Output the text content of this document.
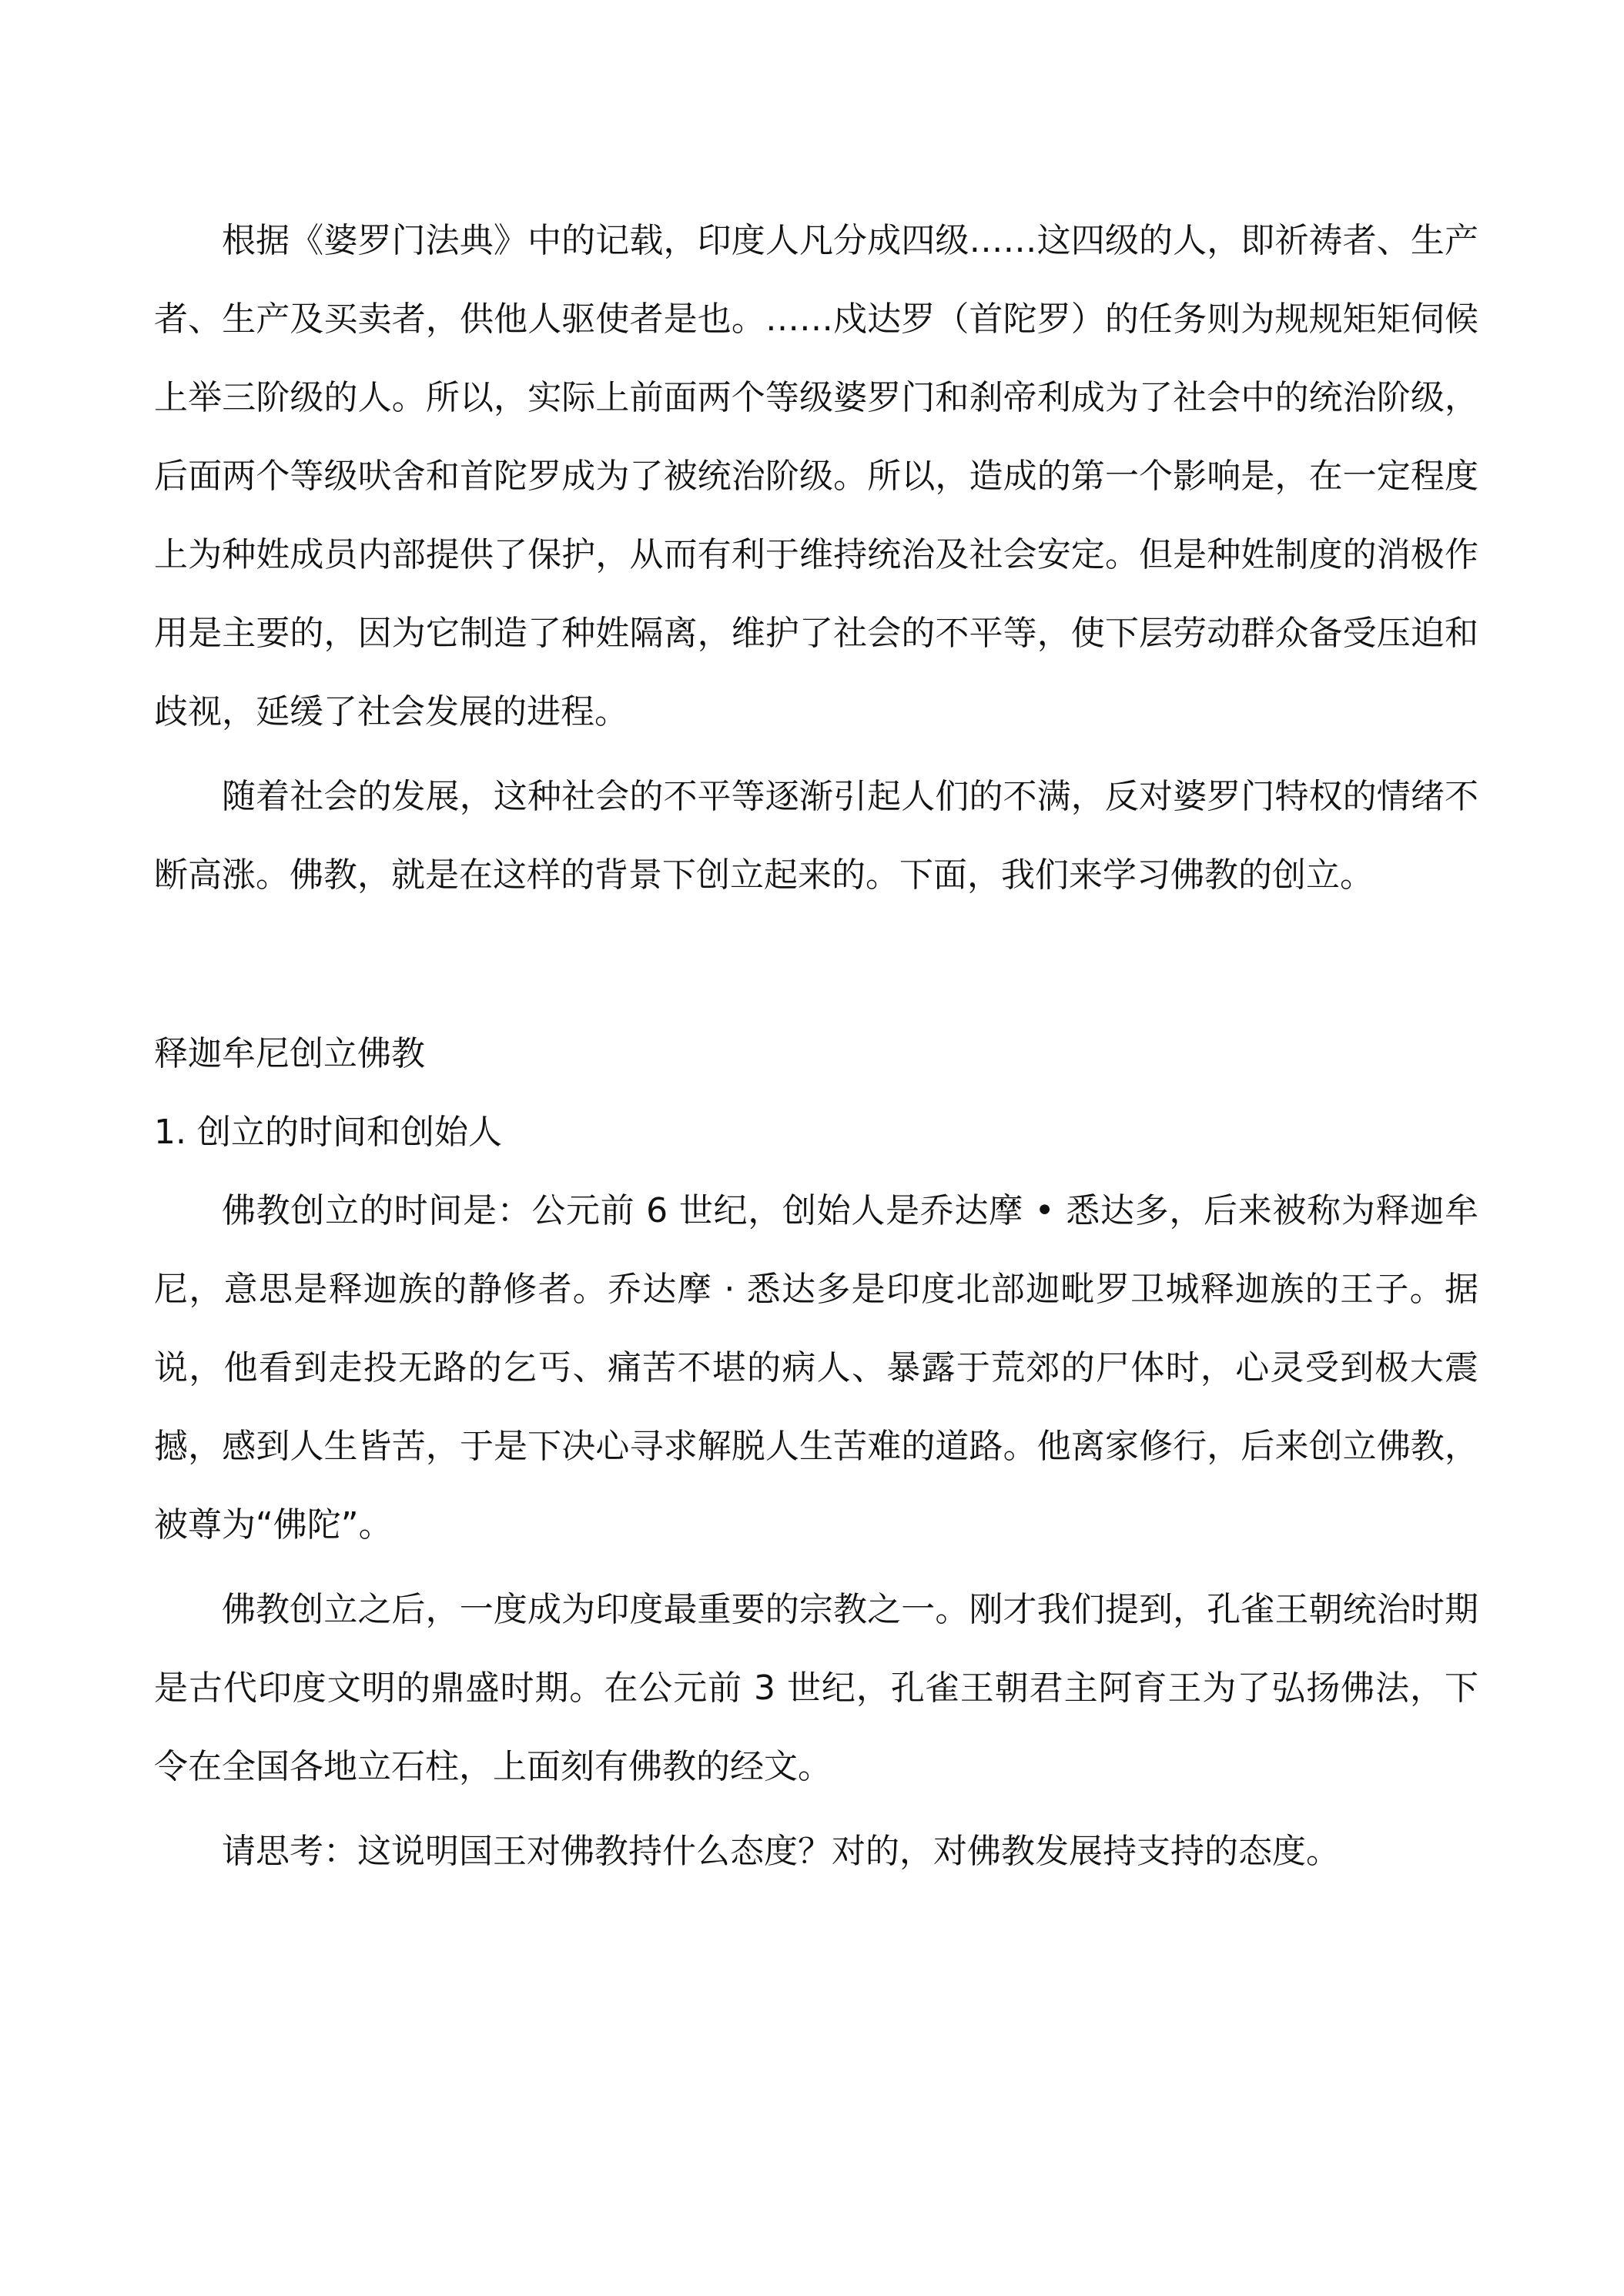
根据《婆罗门法典》中的记载，印度人凡分成四级……这四级的人，即祈祷者、生产者、生产及买卖者，供他人驱使者是也。……戍达罗（首陀罗）的任务则为规规矩矩伺候上举三阶级的人。所以，实际上前面两个等级婆罗门和刹帝利成为了社会中的统治阶级，后面两个等级吠舍和首陀罗成为了被统治阶级。所以，造成的第一个影响是，在一定程度上为种姓成员内部提供了保护，从而有利于维持统治及社会安定。但是种姓制度的消极作用是主要的，因为它制造了种姓隔离，维护了社会的不平等，使下层劳动群众备受压迫和歧视，延缓了社会发展的进程。

随着社会的发展，这种社会的不平等逐渐引起人们的不满，反对婆罗门特权的情绪不断高涨。佛教，就是在这样的背景下创立起来的。下面，我们来学习佛教的创立。

释迦牟尼创立佛教

1. 创立的时间和创始人

佛教创立的时间是：公元前 6 世纪，创始人是乔达摩 • 悉达多，后来被称为释迦牟尼，意思是释迦族的静修者。乔达摩 · 悉达多是印度北部迦毗罗卫城释迦族的王子。据说，他看到走投无路的乞丐、痛苦不堪的病人、暴露于荒郊的尸体时，心灵受到极大震撼，感到人生皆苦，于是下决心寻求解脱人生苦难的道路。他离家修行，后来创立佛教，被尊为“佛陀”。

佛教创立之后，一度成为印度最重要的宗教之一。刚才我们提到，孔雀王朝统治时期是古代印度文明的鼎盛时期。在公元前 3 世纪，孔雀王朝君主阿育王为了弘扬佛法，下令在全国各地立石柱，上面刻有佛教的经文。

请思考：这说明国王对佛教持什么态度？对的，对佛教发展持支持的态度。
